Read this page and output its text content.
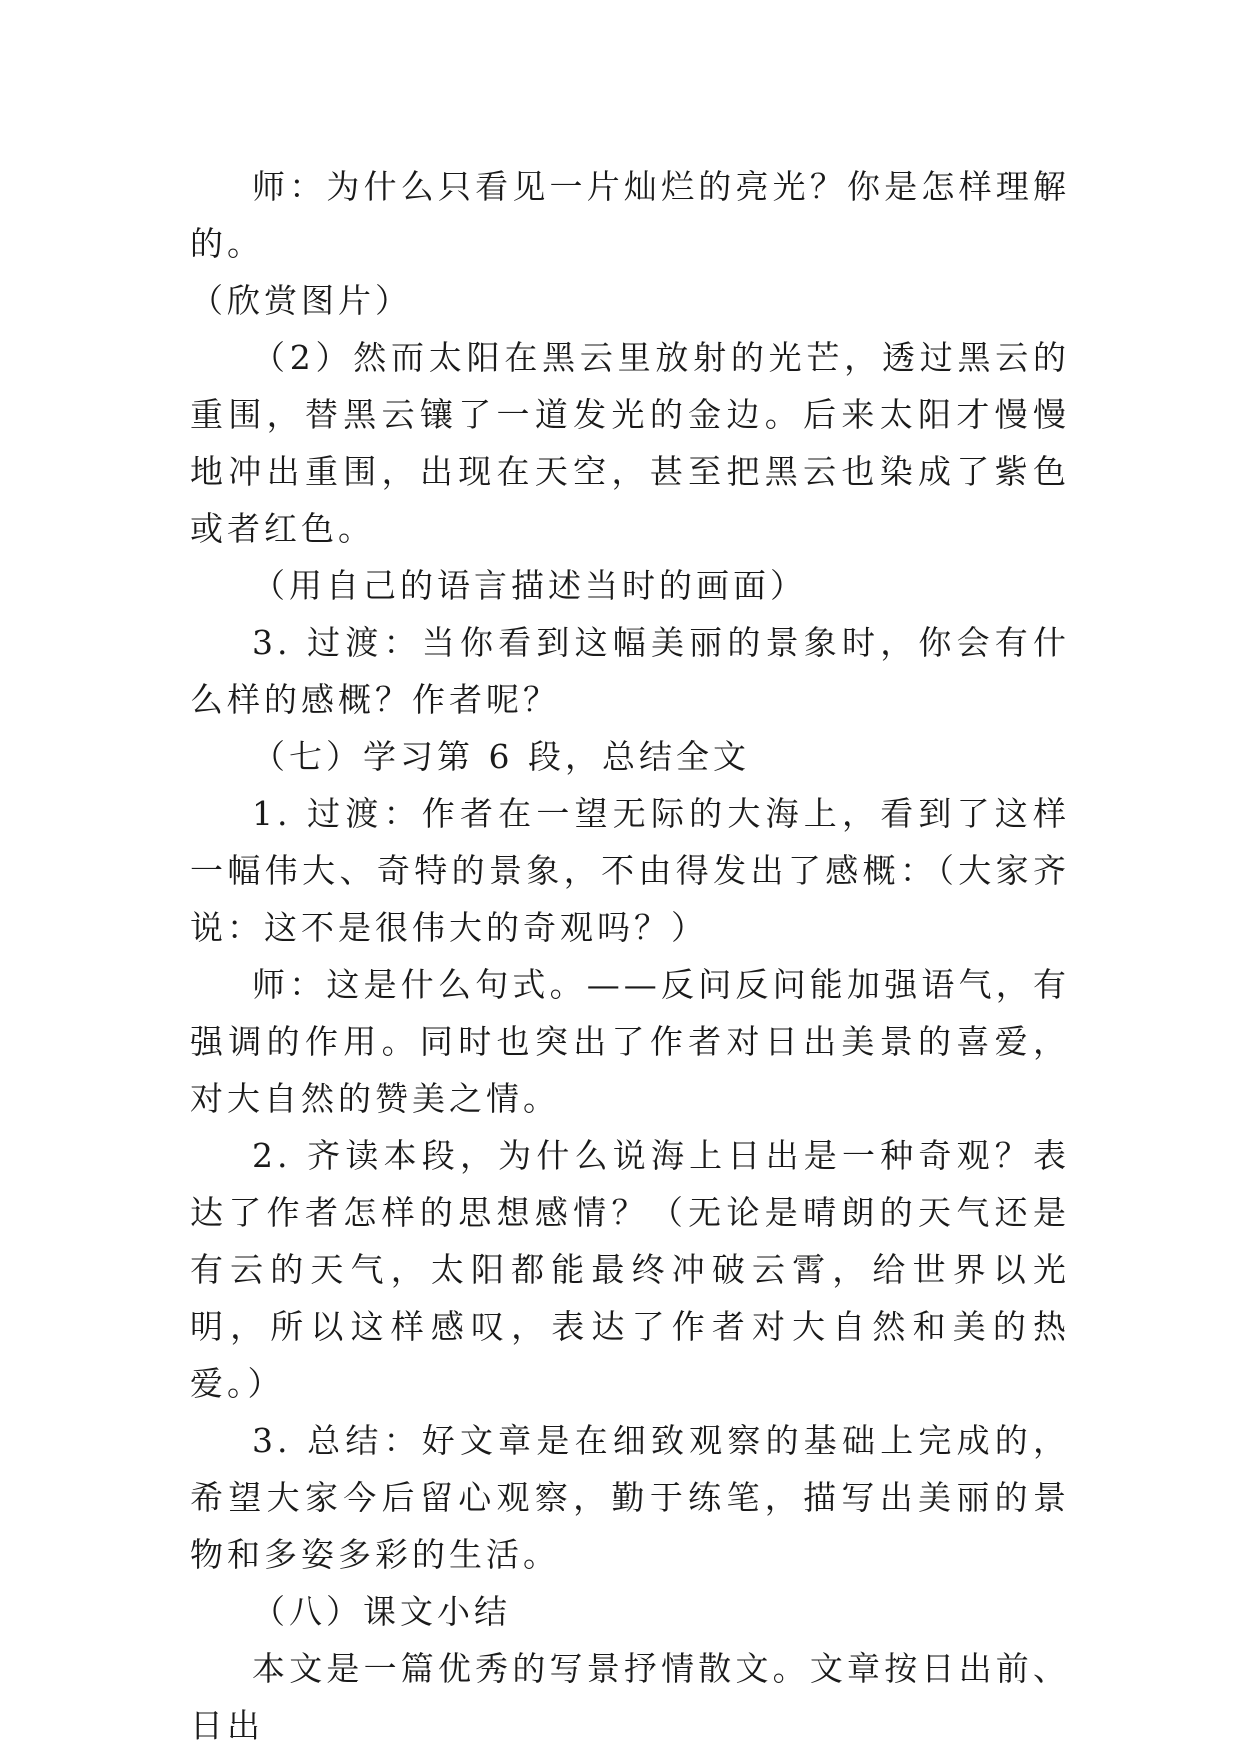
师：为什么只看见一片灿烂的亮光？你是怎样理解的。

（欣赏图片）

（2）然而太阳在黑云里放射的光芒，透过黑云的重围，替黑云镶了一道发光的金边。后来太阳才慢慢地冲出重围，出现在天空，甚至把黑云也染成了紫色或者红色。

（用自己的语言描述当时的画面）

3. 过渡：当你看到这幅美丽的景象时，你会有什么样的感概？作者呢？

（七）学习第 6 段，总结全文

1. 过渡：作者在一望无际的大海上，看到了这样一幅伟大、奇特的景象，不由得发出了感概：（大家齐说：这不是很伟大的奇观吗？）

师：这是什么句式。——反问反问能加强语气，有强调的作用。同时也突出了作者对日出美景的喜爱，对大自然的赞美之情。

2. 齐读本段，为什么说海上日出是一种奇观？表达了作者怎样的思想感情？（无论是晴朗的天气还是有云的天气，太阳都能最终冲破云霄，给世界以光明，所以这样感叹，表达了作者对大自然和美的热爱。）

3. 总结：好文章是在细致观察的基础上完成的，希望大家今后留心观察，勤于练笔，描写出美丽的景物和多姿多彩的生活。

（八）课文小结

本文是一篇优秀的写景抒情散文。文章按日出前、日出
